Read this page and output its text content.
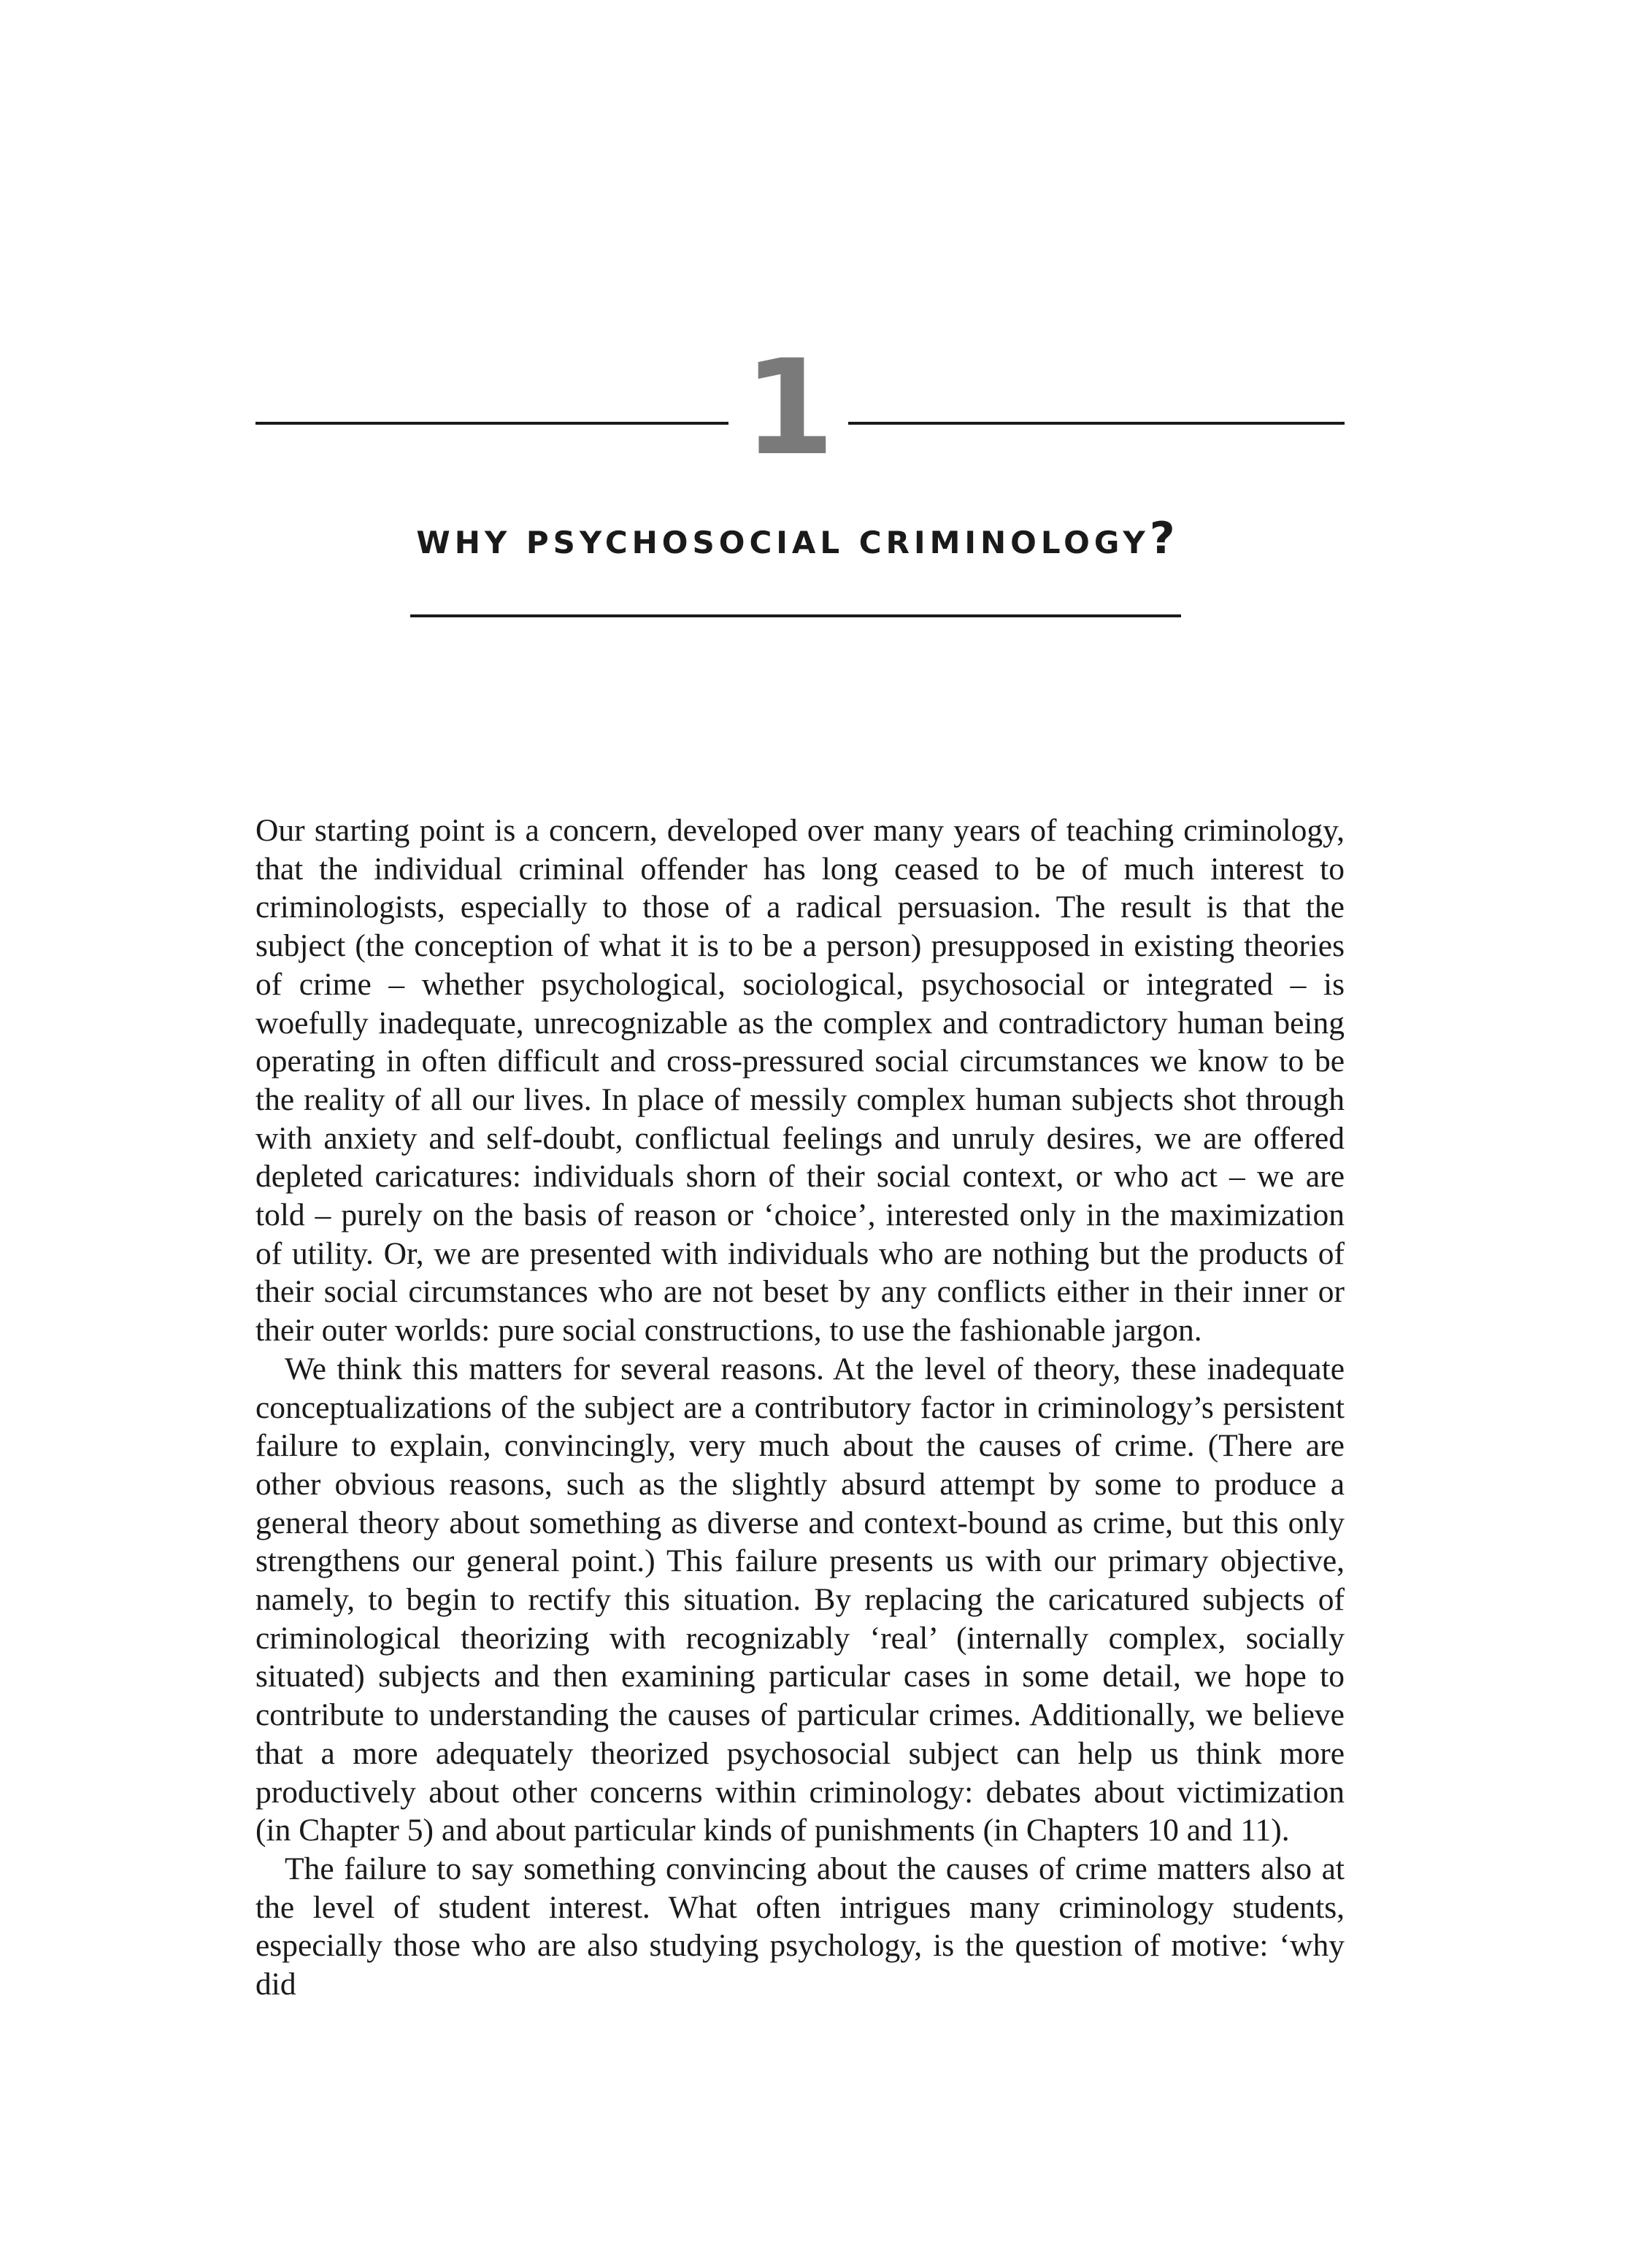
1
WHY PSYCHOSOCIAL CRIMINOLOGY?

Our starting point is a concern, developed over many years of teaching criminology, that the individual criminal offender has long ceased to be of much interest to criminologists, especially to those of a radical persuasion. The result is that the subject (the conception of what it is to be a person) presupposed in existing theories of crime – whether psychological, sociological, psychosocial or integrated – is woefully inadequate, unrecognizable as the complex and contradictory human being operating in often difficult and cross-pressured social circumstances we know to be the reality of all our lives. In place of messily complex human subjects shot through with anxiety and self-doubt, conflictual feelings and unruly desires, we are offered depleted caricatures: individuals shorn of their social context, or who act – we are told – purely on the basis of reason or ‘choice’, interested only in the maximization of utility. Or, we are presented with individuals who are nothing but the products of their social circumstances who are not beset by any conflicts either in their inner or their outer worlds: pure social constructions, to use the fashionable jargon.

We think this matters for several reasons. At the level of theory, these inadequate conceptualizations of the subject are a contributory factor in criminology’s persistent failure to explain, convincingly, very much about the causes of crime. (There are other obvious reasons, such as the slightly absurd attempt by some to produce a general theory about something as diverse and context-bound as crime, but this only strengthens our general point.) This failure presents us with our primary objective, namely, to begin to rectify this situation. By replacing the caricatured subjects of criminological theorizing with recognizably ‘real’ (internally complex, socially situated) subjects and then examining particular cases in some detail, we hope to contribute to understanding the causes of particular crimes. Additionally, we believe that a more adequately theorized psychosocial subject can help us think more productively about other concerns within criminology: debates about victimization (in Chapter 5) and about particular kinds of punishments (in Chapters 10 and 11).

The failure to say something convincing about the causes of crime matters also at the level of student interest. What often intrigues many criminology students, especially those who are also studying psychology, is the question of motive: ‘why did
